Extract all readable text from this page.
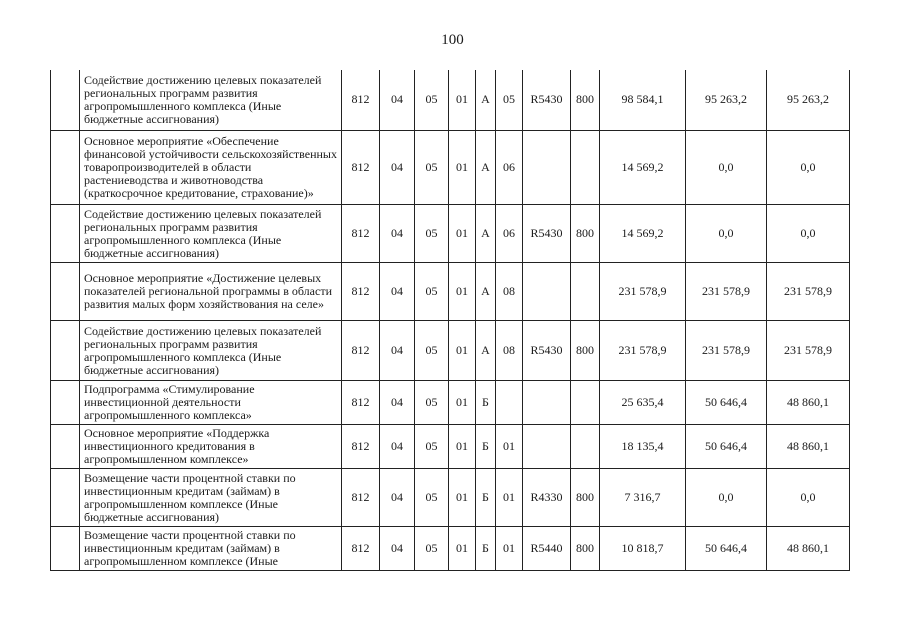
100
	Содействие достижению целевых показателей региональных программ развития агропромышленного комплекса (Иные бюджетные ассигнования)	812	04	05	01	А	05	R5430	800	98 584,1	95 263,2	95 263,2
	Основное мероприятие «Обеспечение финансовой устойчивости сельскохозяйственных товаропроизводителей в области растениеводства и животноводства (краткосрочное кредитование, страхование)»	812	04	05	01	А	06			14 569,2	0,0	0,0
	Содействие достижению целевых показателей региональных программ развития агропромышленного комплекса (Иные бюджетные ассигнования)	812	04	05	01	А	06	R5430	800	14 569,2	0,0	0,0
	Основное мероприятие «Достижение целевых показателей региональной программы в области развития малых форм хозяйствования на селе»	812	04	05	01	А	08			231 578,9	231 578,9	231 578,9
	Содействие достижению целевых показателей региональных программ развития агропромышленного комплекса (Иные бюджетные ассигнования)	812	04	05	01	А	08	R5430	800	231 578,9	231 578,9	231 578,9
	Подпрограмма «Стимулирование инвестиционной деятельности агропромышленного комплекса»	812	04	05	01	Б				25 635,4	50 646,4	48 860,1
	Основное мероприятие «Поддержка инвестиционного кредитования в агропромышленном комплексе»	812	04	05	01	Б	01			18 135,4	50 646,4	48 860,1
	Возмещение части процентной ставки по инвестиционным кредитам (займам) в агропромышленном комплексе (Иные бюджетные ассигнования)	812	04	05	01	Б	01	R4330	800	7 316,7	0,0	0,0
	Возмещение части процентной ставки по инвестиционным кредитам (займам) в агропромышленном комплексе (Иные	812	04	05	01	Б	01	R5440	800	10 818,7	50 646,4	48 860,1
